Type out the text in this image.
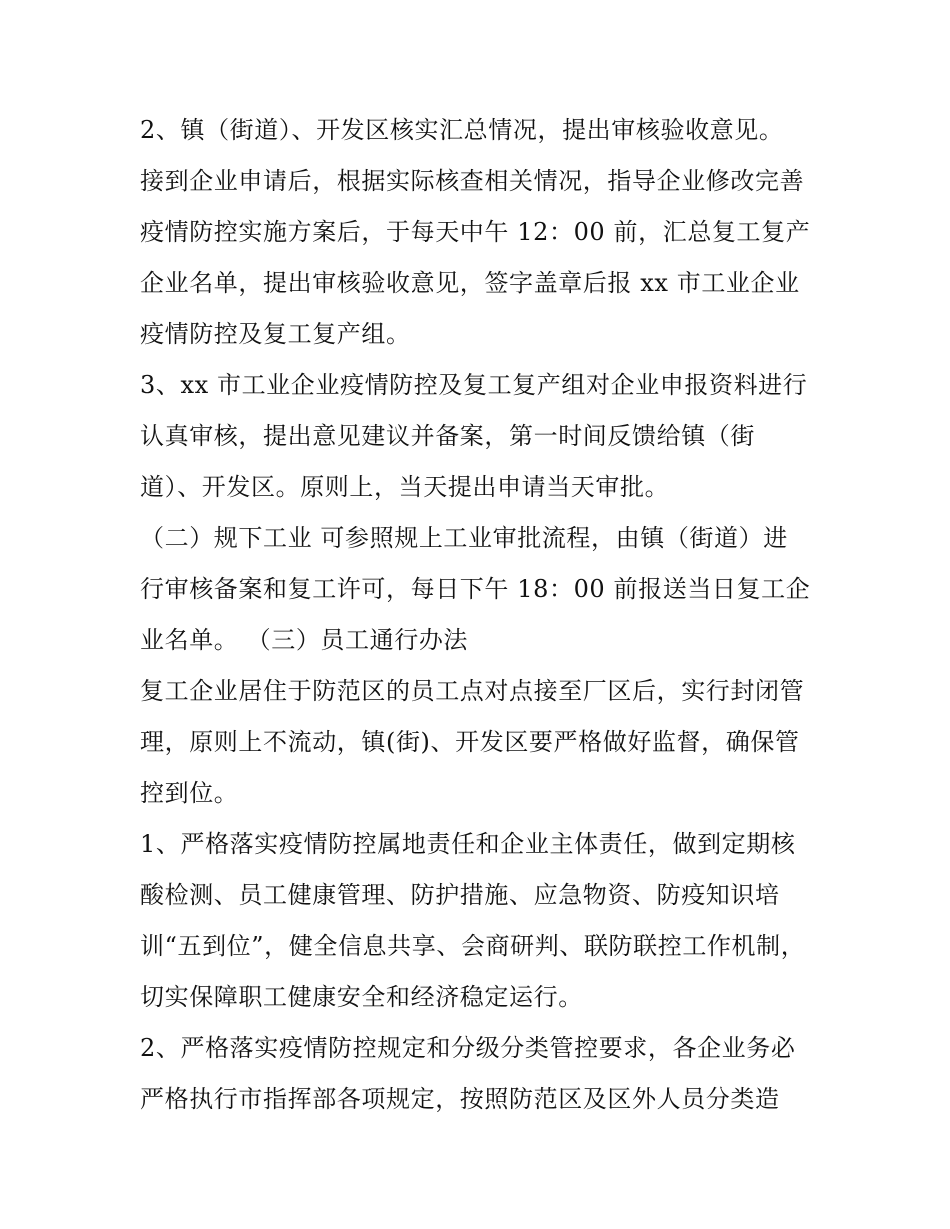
2、镇（街道）、开发区核实汇总情况，提出审核验收意见。
接到企业申请后，根据实际核查相关情况，指导企业修改完善
疫情防控实施方案后，于每天中午 12：00 前，汇总复工复产
企业名单，提出审核验收意见，签字盖章后报 xx 市工业企业
疫情防控及复工复产组。
3、xx 市工业企业疫情防控及复工复产组对企业申报资料进行
认真审核，提出意见建议并备案，第一时间反馈给镇（街
道）、开发区。原则上，当天提出申请当天审批。
（二）规下工业 可参照规上工业审批流程，由镇（街道）进
行审核备案和复工许可，每日下午 18：00 前报送当日复工企
业名单。 （三）员工通行办法
复工企业居住于防范区的员工点对点接至厂区后，实行封闭管
理，原则上不流动，镇(街)、开发区要严格做好监督，确保管
控到位。
1、严格落实疫情防控属地责任和企业主体责任，做到定期核
酸检测、员工健康管理、防护措施、应急物资、防疫知识培
训“五到位”，健全信息共享、会商研判、联防联控工作机制，
切实保障职工健康安全和经济稳定运行。
2、严格落实疫情防控规定和分级分类管控要求，各企业务必
严格执行市指挥部各项规定，按照防范区及区外人员分类造
